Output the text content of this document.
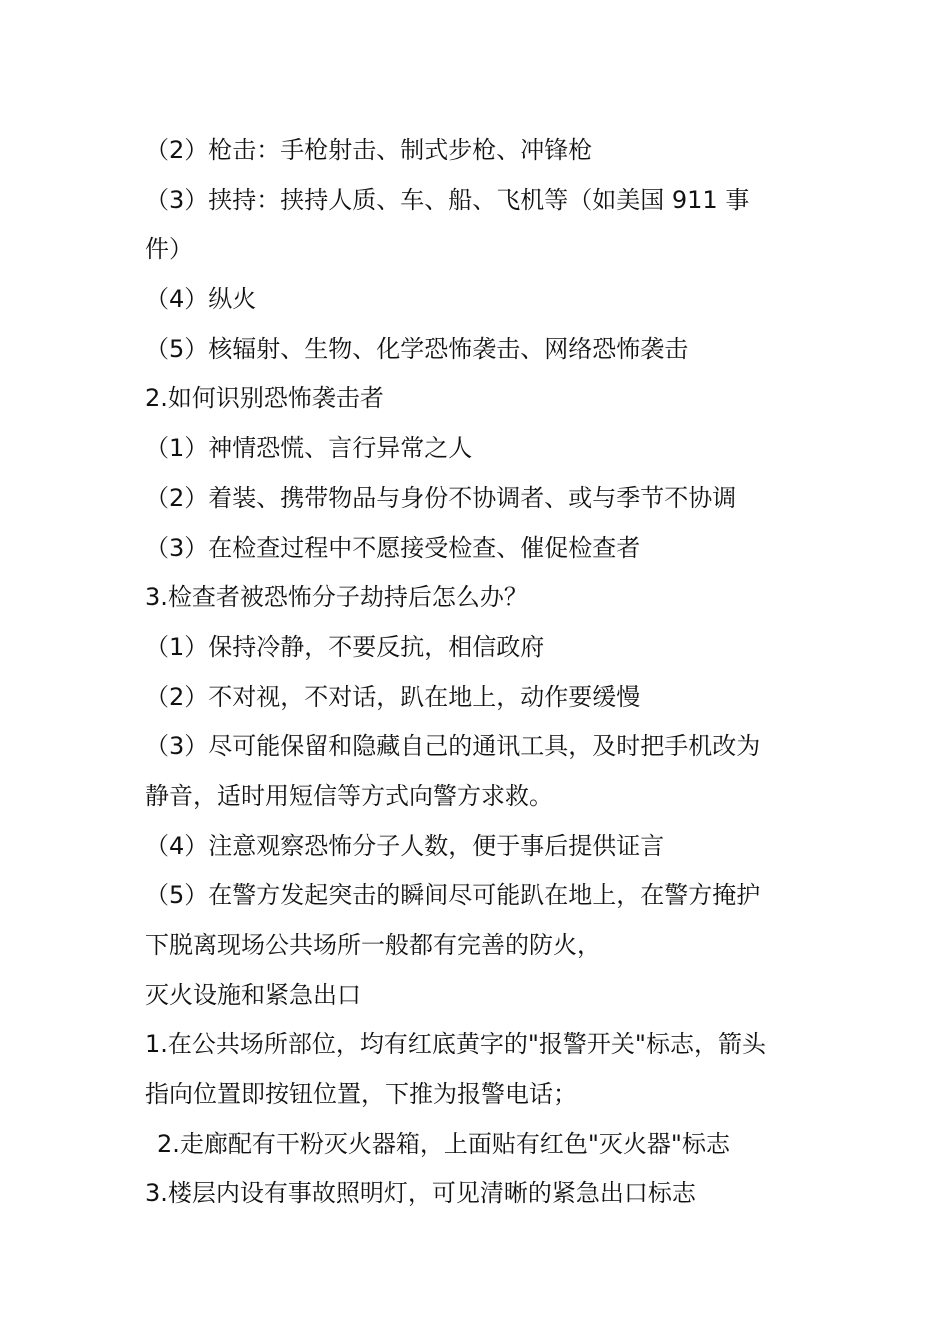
（2）枪击：手枪射击、制式步枪、冲锋枪
（3）挟持：挟持人质、车、船、飞机等（如美国 911 事
件）
（4）纵火
（5）核辐射、生物、化学恐怖袭击、网络恐怖袭击
2.如何识别恐怖袭击者
（1）神情恐慌、言行异常之人
（2）着装、携带物品与身份不协调者、或与季节不协调
（3）在检查过程中不愿接受检查、催促检查者
3.检查者被恐怖分子劫持后怎么办？
（1）保持冷静，不要反抗，相信政府
（2）不对视，不对话，趴在地上，动作要缓慢
（3）尽可能保留和隐藏自己的通讯工具，及时把手机改为
静音，适时用短信等方式向警方求救。
（4）注意观察恐怖分子人数，便于事后提供证言
（5）在警方发起突击的瞬间尽可能趴在地上，在警方掩护
下脱离现场公共场所一般都有完善的防火，
灭火设施和紧急出口
1.在公共场所部位，均有红底黄字的"报警开关"标志，箭头
指向位置即按钮位置，下推为报警电话；
2.走廊配有干粉灭火器箱，上面贴有红色"灭火器"标志
3.楼层内设有事故照明灯，可见清晰的紧急出口标志
